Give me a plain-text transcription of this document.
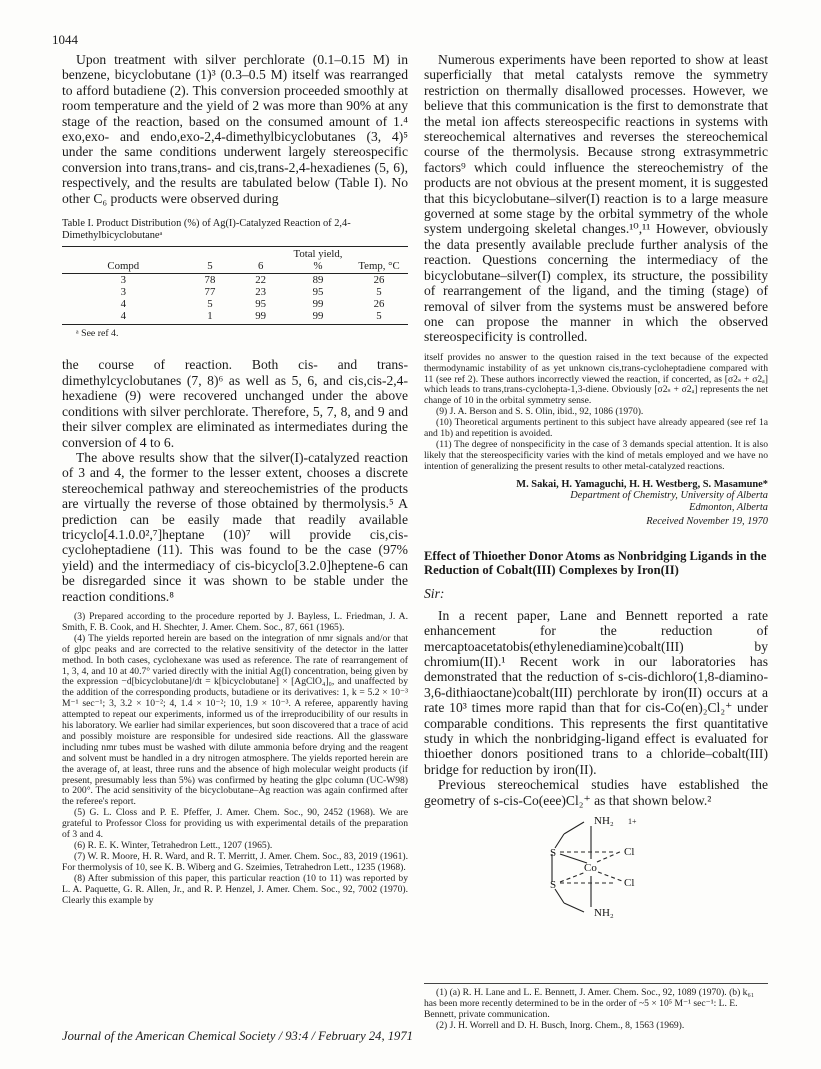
1044

Upon treatment with silver perchlorate (0.1–0.15 M) in benzene, bicyclobutane (1)³ (0.3–0.5 M) itself was rearranged to afford butadiene (2). This conversion proceeded smoothly at room temperature and the yield of 2 was more than 90% at any stage of the reaction, based on the consumed amount of 1.⁴ exo,exo- and endo,exo-2,4-dimethylbicyclobutanes (3, 4)⁵ under the same conditions underwent largely stereospecific conversion into trans,trans- and cis,trans-2,4-hexadienes (5, 6), respectively, and the results are tabulated below (Table I). No other C₆ products were observed during

Table I. Product Distribution (%) of Ag(I)-Catalyzed Reaction of 2,4-Dimethylbicyclobutaneᵃ
Compd	5	6	Total yield, %	Temp, °C
3	78	22	89	26
3	77	23	95	5
4	5	95	99	26
4	1	99	99	5
ᵃ See ref 4.

the course of reaction. Both cis- and trans-dimethylcyclobutanes (7, 8)⁶ as well as 5, 6, and cis,cis-2,4-hexadiene (9) were recovered unchanged under the above conditions with silver perchlorate. Therefore, 5, 7, 8, and 9 and their silver complex are eliminated as intermediates during the conversion of 4 to 6.

The above results show that the silver(I)-catalyzed reaction of 3 and 4, the former to the lesser extent, chooses a discrete stereochemical pathway and stereochemistries of the products are virtually the reverse of those obtained by thermolysis.⁵ A prediction can be easily made that readily available tricyclo[4.1.0.0²,⁷]heptane (10)⁷ will provide cis,cis-cycloheptadiene (11). This was found to be the case (97% yield) and the intermediacy of cis-bicyclo[3.2.0]heptene-6 can be disregarded since it was shown to be stable under the reaction conditions.⁸

(3) Prepared according to the procedure reported by J. Bayless, L. Friedman, J. A. Smith, F. B. Cook, and H. Shechter, J. Amer. Chem. Soc., 87, 661 (1965).

(4) The yields reported herein are based on the integration of nmr signals and/or that of glpc peaks and are corrected to the relative sensitivity of the detector in the latter method. In both cases, cyclohexane was used as reference. The rate of rearrangement of 1, 3, 4, and 10 at 40.7° varied directly with the initial Ag(I) concentration, being given by the expression −d[bicyclobutane]/dt = k[bicyclobutane] × [AgClO₄]₀, and unaffected by the addition of the corresponding products, butadiene or its derivatives: 1, k = 5.2 × 10⁻³ M⁻¹ sec⁻¹; 3, 3.2 × 10⁻²; 4, 1.4 × 10⁻²; 10, 1.9 × 10⁻³. A referee, apparently having attempted to repeat our experiments, informed us of the irreproducibility of our results in his laboratory. We earlier had similar experiences, but soon discovered that a trace of acid and possibly moisture are responsible for undesired side reactions. All the glassware including nmr tubes must be washed with dilute ammonia before drying and the reagent and solvent must be handled in a dry nitrogen atmosphere. The yields reported herein are the average of, at least, three runs and the absence of high molecular weight products (if present, presumably less than 5%) was confirmed by heating the glpc column (UC-W98) to 200°. The acid sensitivity of the bicyclobutane–Ag reaction was again confirmed after the referee's report.

(5) G. L. Closs and P. E. Pfeffer, J. Amer. Chem. Soc., 90, 2452 (1968). We are grateful to Professor Closs for providing us with experimental details of the preparation of 3 and 4.

(6) R. E. K. Winter, Tetrahedron Lett., 1207 (1965).

(7) W. R. Moore, H. R. Ward, and R. T. Merritt, J. Amer. Chem. Soc., 83, 2019 (1961). For thermolysis of 10, see K. B. Wiberg and G. Szeimies, Tetrahedron Lett., 1235 (1968).

(8) After submission of this paper, this particular reaction (10 to 11) was reported by L. A. Paquette, G. R. Allen, Jr., and R. P. Henzel, J. Amer. Chem. Soc., 92, 7002 (1970). Clearly this example by

Numerous experiments have been reported to show at least superficially that metal catalysts remove the symmetry restriction on thermally disallowed processes. However, we believe that this communication is the first to demonstrate that the metal ion affects stereospecific reactions in systems with stereochemical alternatives and reverses the stereochemical course of the thermolysis. Because strong extrasymmetric factors⁹ which could influence the stereochemistry of the products are not obvious at the present moment, it is suggested that this bicyclobutane–silver(I) reaction is to a large measure governed at some stage by the orbital symmetry of the whole system undergoing skeletal changes.¹⁰,¹¹ However, obviously the data presently available preclude further analysis of the reaction. Questions concerning the intermediacy of the bicyclobutane–silver(I) complex, its structure, the possibility of rearrangement of the ligand, and the timing (stage) of removal of silver from the systems must be answered before one can propose the manner in which the observed stereospecificity is controlled.

itself provides no answer to the question raised in the text because of the expected thermodynamic instability of as yet unknown cis,trans-cycloheptadiene compared with 11 (see ref 2). These authors incorrectly viewed the reaction, if concerted, as [σ2ₛ + σ2ₐ] which leads to trans,trans-cyclohepta-1,3-diene. Obviously [σ2ₛ + σ2ₐ] represents the net change of 10 in the orbital symmetry sense.

(9) J. A. Berson and S. S. Olin, ibid., 92, 1086 (1970).

(10) Theoretical arguments pertinent to this subject have already appeared (see ref 1a and 1b) and repetition is avoided.

(11) The degree of nonspecificity in the case of 3 demands special attention. It is also likely that the stereospecificity varies with the kind of metals employed and we have no intention of generalizing the present results to other metal-catalyzed reactions.

M. Sakai, H. Yamaguchi, H. H. Westberg, S. Masamune*
Department of Chemistry, University of Alberta
Edmonton, Alberta
Received November 19, 1970
Effect of Thioether Donor Atoms as Nonbridging Ligands in the Reduction of Cobalt(III) Complexes by Iron(II)
Sir:

In a recent paper, Lane and Bennett reported a rate enhancement for the reduction of mercaptoacetatobis(ethylenediamine)cobalt(III) by chromium(II).¹ Recent work in our laboratories has demonstrated that the reduction of s-cis-dichloro(1,8-diamino-3,6-dithiaoctane)cobalt(III) perchlorate by iron(II) occurs at a rate 10³ times more rapid than that for cis-Co(en)₂Cl₂⁺ under comparable conditions. This represents the first quantitative study in which the nonbridging-ligand effect is evaluated for thioether donors positioned trans to a chloride–cobalt(III) bridge for reduction by iron(II).

Previous stereochemical studies have established the geometry of s-cis-Co(eee)Cl₂⁺ as that shown below.²

NH₂ 1+
S
Co
Cl
Cl
S
NH₂

(1) (a) R. H. Lane and L. E. Bennett, J. Amer. Chem. Soc., 92, 1089 (1970). (b) k₆₁ has been more recently determined to be in the order of ~5 × 10⁵ M⁻¹ sec⁻¹: L. E. Bennett, private communication.

(2) J. H. Worrell and D. H. Busch, Inorg. Chem., 8, 1563 (1969).

Journal of the American Chemical Society / 93:4 / February 24, 1971
